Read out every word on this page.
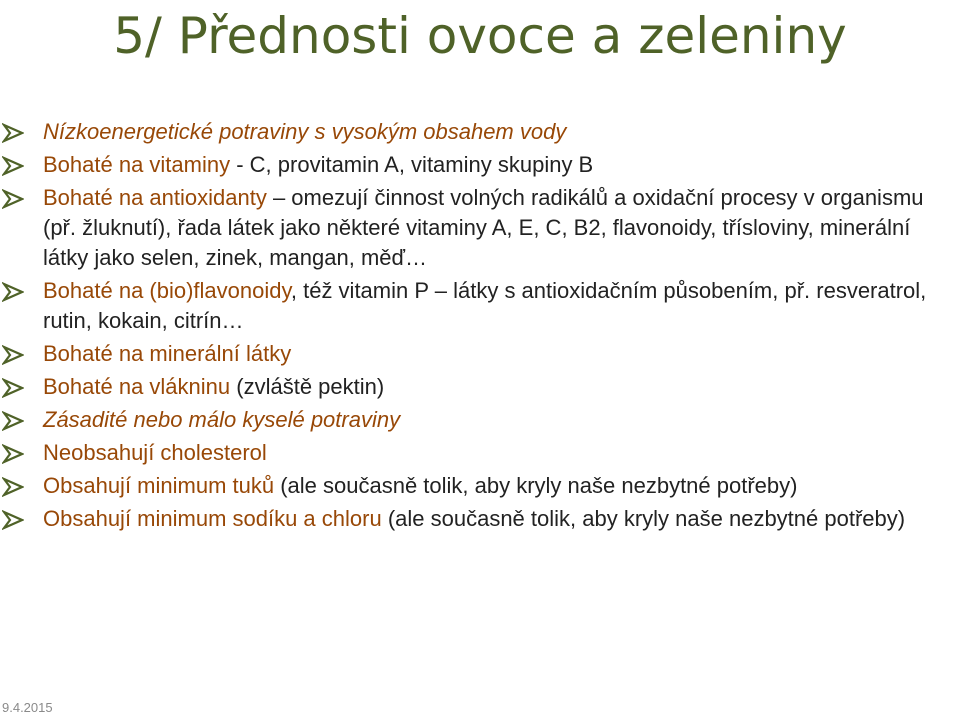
5/ Přednosti ovoce a zeleniny
Nízkoenergetické potraviny s vysokým obsahem vody
Bohaté na vitaminy - C, provitamin A, vitaminy skupiny B
Bohaté na antioxidanty – omezují činnost volných radikálů a oxidační procesy v organismu (př. žluknutí), řada látek jako některé vitaminy A, E, C, B2, flavonoidy, třísloviny, minerální látky jako selen, zinek, mangan, měď…
Bohaté na (bio)flavonoidy, též vitamin P – látky s antioxidačním působením, př. resveratrol, rutin, kokain, citrín…
Bohaté na minerální látky
Bohaté na vlákninu (zvláště pektin)
Zásadité nebo málo kyselé potraviny
Neobsahují cholesterol
Obsahují minimum tuků (ale současně tolik, aby kryly naše nezbytné potřeby)
Obsahují minimum sodíku a chloru (ale současně tolik, aby kryly naše nezbytné potřeby)
9.4.2015
